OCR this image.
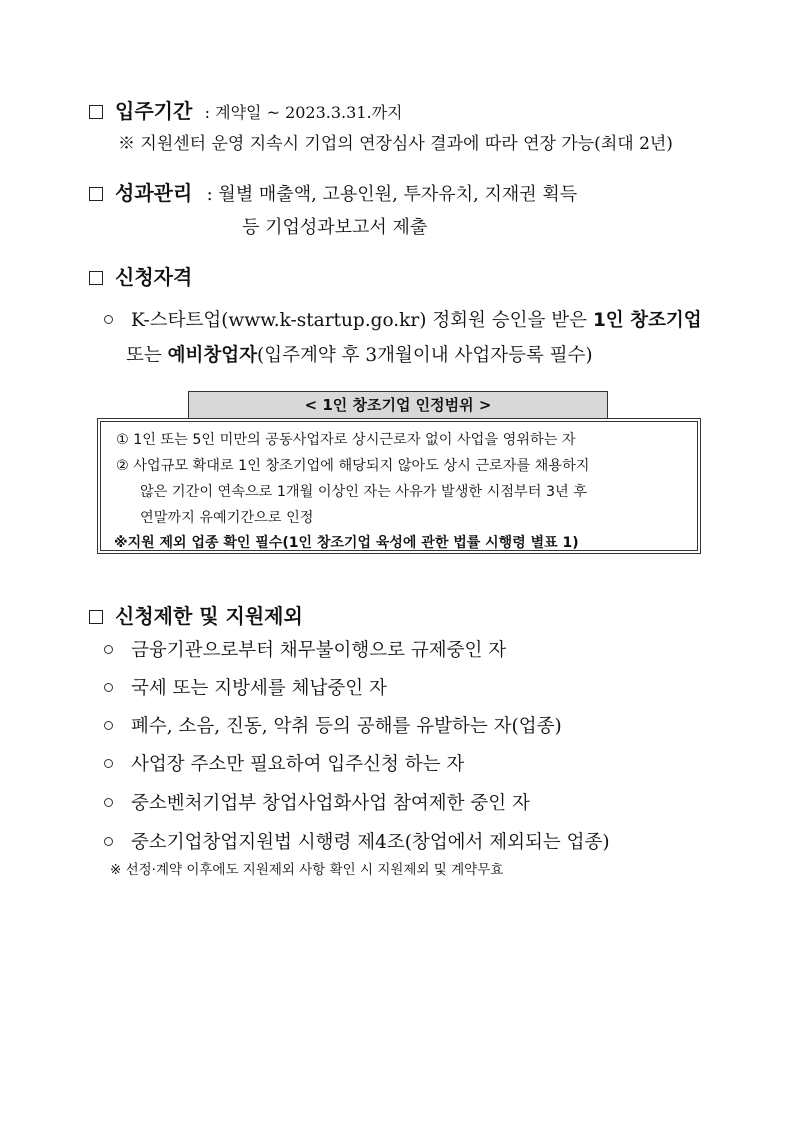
입주기간 : 계약일 ~ 2023.3.31.까지
※ 지원센터 운영 지속시 기업의 연장심사 결과에 따라 연장 가능(최대 2년)
성과관리 : 월별 매출액, 고용인원, 투자유치, 지재권 획득
등 기업성과보고서 제출
신청자격
K-스타트업(www.k-startup.go.kr) 정회원 승인을 받은 1인 창조기업
또는 예비창업자(입주계약 후 3개월이내 사업자등록 필수)
< 1인 창조기업 인정범위 >
① 1인 또는 5인 미만의 공동사업자로 상시근로자 없이 사업을 영위하는 자
② 사업규모 확대로 1인 창조기업에 해당되지 않아도 상시 근로자를 채용하지
않은 기간이 연속으로 1개월 이상인 자는 사유가 발생한 시점부터 3년 후
연말까지 유예기간으로 인정
※지원 제외 업종 확인 필수(1인 창조기업 육성에 관한 법률 시행령 별표 1)
신청제한 및 지원제외
금융기관으로부터 채무불이행으로 규제중인 자
국세 또는 지방세를 체납중인 자
폐수, 소음, 진동, 악취 등의 공해를 유발하는 자(업종)
사업장 주소만 필요하여 입주신청 하는 자
중소벤처기업부 창업사업화사업 참여제한 중인 자
중소기업창업지원법 시행령 제4조(창업에서 제외되는 업종)
※ 선정·계약 이후에도 지원제외 사항 확인 시 지원제외 및 계약무효
